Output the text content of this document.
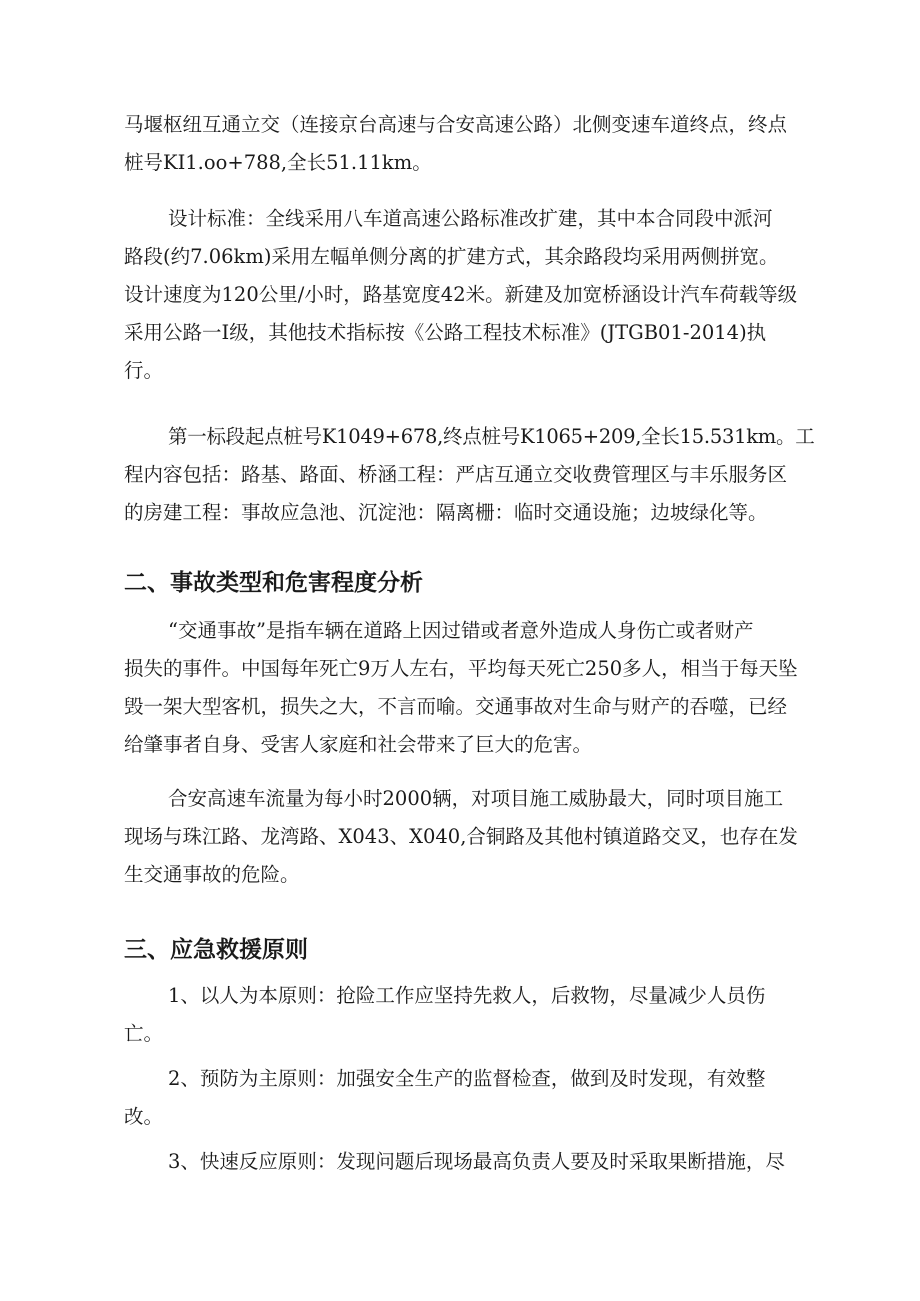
马堰枢纽互通立交（连接京台高速与合安高速公路）北侧变速车道终点，终点
桩号KI1.oo+788,全长51.11km。

设计标准：全线采用八车道高速公路标准改扩建，其中本合同段中派河
路段(约7.06km)采用左幅单侧分离的扩建方式，其余路段均采用两侧拼宽。
设计速度为120公里/小时，路基宽度42米。新建及加宽桥涵设计汽车荷载等级
采用公路一I级，其他技术指标按《公路工程技术标准》(JTGB01-2014)执
行。

第一标段起点桩号K1049+678,终点桩号K1065+209,全长15.531km。工
程内容包括：路基、路面、桥涵工程：严店互通立交收费管理区与丰乐服务区
的房建工程：事故应急池、沉淀池：隔离栅：临时交通设施；边坡绿化等。

二、事故类型和危害程度分析

“交通事故”是指车辆在道路上因过错或者意外造成人身伤亡或者财产
损失的事件。中国每年死亡9万人左右，平均每天死亡250多人，相当于每天坠
毁一架大型客机，损失之大，不言而喻。交通事故对生命与财产的吞噬，已经
给肇事者自身、受害人家庭和社会带来了巨大的危害。

合安高速车流量为每小时2000辆，对项目施工威胁最大，同时项目施工
现场与珠江路、龙湾路、X043、X040,合铜路及其他村镇道路交叉，也存在发
生交通事故的危险。

三、应急救援原则

1、以人为本原则：抢险工作应坚持先救人，后救物，尽量减少人员伤
亡。

2、预防为主原则：加强安全生产的监督检查，做到及时发现，有效整
改。

3、快速反应原则：发现问题后现场最高负责人要及时采取果断措施，尽
